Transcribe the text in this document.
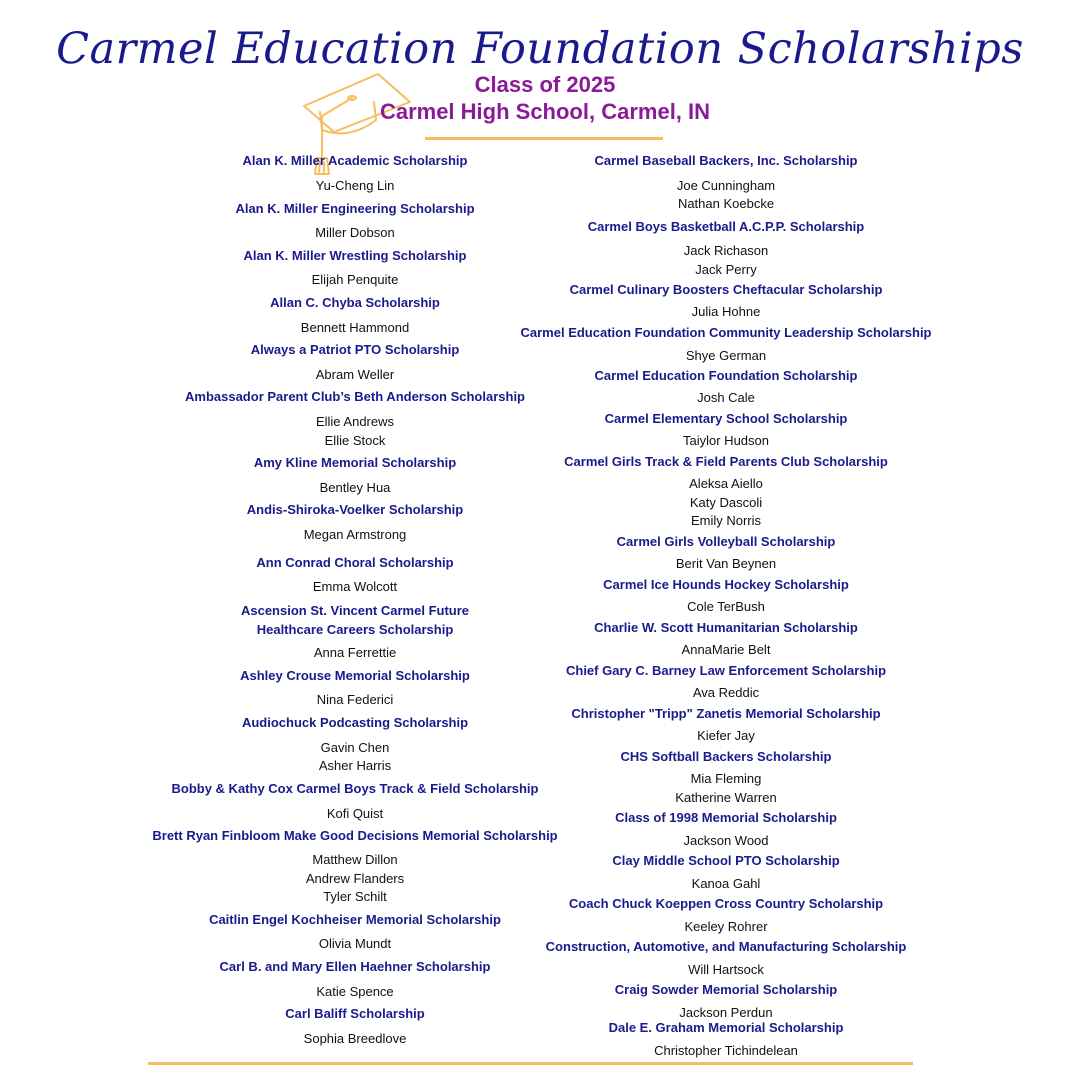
Carmel Education Foundation Scholarships
Class of 2025
Carmel High School, Carmel, IN
Alan K. Miller Academic Scholarship
Yu-Cheng Lin
Alan K. Miller Engineering Scholarship
Miller Dobson
Alan K. Miller Wrestling Scholarship
Elijah Penquite
Allan C. Chyba Scholarship
Bennett Hammond
Always a Patriot PTO Scholarship
Abram Weller
Ambassador Parent Club’s Beth Anderson Scholarship
Ellie Andrews
Ellie Stock
Amy Kline Memorial Scholarship
Bentley Hua
Andis-Shiroka-Voelker Scholarship
Megan Armstrong
Ann Conrad Choral Scholarship
Emma Wolcott
Ascension St. Vincent Carmel Future Healthcare Careers Scholarship
Anna Ferrettie
Ashley Crouse Memorial Scholarship
Nina Federici
Audiochuck Podcasting Scholarship
Gavin Chen
Asher Harris
Bobby & Kathy Cox Carmel Boys Track & Field Scholarship
Kofi Quist
Brett Ryan Finbloom Make Good Decisions Memorial Scholarship
Matthew Dillon
Andrew Flanders
Tyler Schilt
Caitlin Engel Kochheiser Memorial Scholarship
Olivia Mundt
Carl B. and Mary Ellen Haehner Scholarship
Katie Spence
Carl Baliff Scholarship
Sophia Breedlove
Carmel Baseball Backers, Inc. Scholarship
Joe Cunningham
Nathan Koebcke
Carmel Boys Basketball A.C.P.P. Scholarship
Jack Richason
Jack Perry
Carmel Culinary Boosters Cheftacular Scholarship
Julia Hohne
Carmel Education Foundation Community Leadership Scholarship
Shye German
Carmel Education Foundation Scholarship
Josh Cale
Carmel Elementary School Scholarship
Taiylor Hudson
Carmel Girls Track & Field Parents Club Scholarship
Aleksa Aiello
Katy Dascoli
Emily Norris
Carmel Girls Volleyball Scholarship
Berit Van Beynen
Carmel Ice Hounds Hockey Scholarship
Cole TerBush
Charlie W. Scott Humanitarian Scholarship
AnnaMarie Belt
Chief Gary C. Barney Law Enforcement Scholarship
Ava Reddic
Christopher "Tripp" Zanetis Memorial Scholarship
Kiefer Jay
CHS Softball Backers Scholarship
Mia Fleming
Katherine Warren
Class of 1998 Memorial Scholarship
Jackson Wood
Clay Middle School PTO Scholarship
Kanoa Gahl
Coach Chuck Koeppen Cross Country Scholarship
Keeley Rohrer
Construction, Automotive, and Manufacturing Scholarship
Will Hartsock
Craig Sowder Memorial Scholarship
Jackson Perdun
Dale E. Graham Memorial Scholarship
Christopher Tichindelean
